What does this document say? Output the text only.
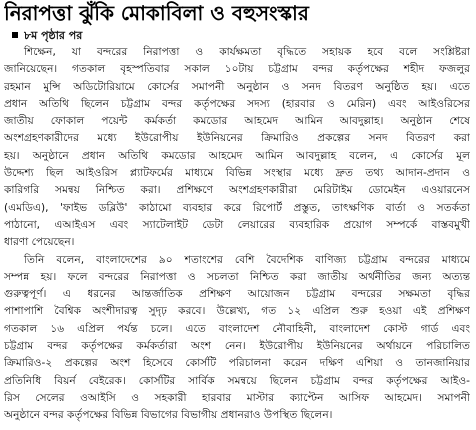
নিরাপত্তা ঝুঁকি মোকাবিলা ও বহুসংস্কার
৮ম পৃষ্ঠার পর
শিক্ষেন, যা বন্দরের নিরাপত্তা ও কার্যক্ষমতা বৃদ্ধিতে সহায়ক হবে বলে সংশ্লিষ্টরা
জানিয়েছেন। গতকাল বৃহস্পতিবার সকাল ১০টায় চট্টগ্রাম বন্দর কর্তৃপক্ষের শহীদ ফজলুর
রহমান মুন্সি অডিটোরিয়ামে কোর্সের সমাপনী অনুষ্ঠান ও সনদ বিতরণ অনুষ্ঠিত হয়। এতে
প্রধান অতিথি ছিলেন চট্টগ্রাম বন্দর কর্তৃপক্ষের সদস্য (হারবার ও মেরিন) এবং আইওরিসের
জাতীয় ফোকাল পয়েন্ট কর্মকর্তা কমডোর আহমেদ আমিন আবদুল্লাহ। অনুষ্ঠান শেষে
অংশগ্রহণকারীদের মধ্যে ইউরোপীয় ইউনিয়নের ক্রিমারিও প্রকল্পের সনদ বিতরণ করা
হয়। অনুষ্ঠানে প্রধান অতিথি কমডোর আহমেদ আমিন আবদুল্লাহ বলেন, এ কোর্সের মূল
উদ্দেশ্য ছিল আইওরিস প্ল্যাটফর্মের মাধ্যমে বিভিন্ন সংস্থার মধ্যে দ্রুত তথ্য আদান-প্রদান ও
কারিগরি সমন্বয় নিশ্চিত করা। প্রশিক্ষণে অংশগ্রহণকারীরা মেরিটাইম ডোমেইন এওয়ারনেস
(এমডিএ), 'ফাইভ ডব্লিউ' কাঠামো ব্যবহার করে রিপোর্ট প্রস্তুত, তাৎক্ষণিক বার্তা ও সতর্কতা
পাঠানো, এআইএস এবং স্যাটেলাইট ডেটা লেয়ারের ব্যবহারিক প্রয়োগ সম্পর্কে বাস্তবমুখী
ধারণা পেয়েছেন।
তিনি বলেন, বাংলাদেশের ৯০ শতাংশের বেশি বৈদেশিক বাণিজ্য চট্টগ্রাম বন্দরের মাধ্যমে
সম্পন্ন হয়। ফলে বন্দরের নিরাপত্তা ও সচলতা নিশ্চিত করা জাতীয় অর্থনীতির জন্য অত্যন্ত
গুরুত্বপূর্ণ। এ ধরনের আন্তর্জাতিক প্রশিক্ষণ আয়োজন চট্টগ্রাম বন্দরের সক্ষমতা বৃদ্ধির
পাশাপাশি বৈশ্বিক অংশীদারত্ব সুদৃঢ় করবে। উল্লেখ্য, গত ১২ এপ্রিল শুরু হওয়া এই প্রশিক্ষণ
গতকাল ১৬ এপ্রিল পর্যন্ত চলে। এতে বাংলাদেশ নৌবাহিনী, বাংলাদেশ কোস্ট গার্ড এবং
চট্টগ্রাম বন্দর কর্তৃপক্ষের কর্মকর্তারা অংশ নেন। ইউরোপীয় ইউনিয়নের অর্থায়নে পরিচালিত
ক্রিমারিও-২ প্রকল্পের অংশ হিসেবে কোর্সটি পরিচালনা করেন দক্ষিণ এশিয়া ও তানজানিয়ার
প্রতিনিধি বিয়র্ন বেইরেক। কোর্সটির সার্বিক সমন্বয়ে ছিলেন চট্টগ্রাম বন্দর কর্তৃপক্ষের আইও-
রিস সেলের ওআইসি ও সহকারী হারবার মাস্টার ক্যাপ্টেন আসিফ আহমেদ। সমাপনী
অনুষ্ঠানে বন্দর কর্তৃপক্ষের বিভিন্ন বিভাগের বিভাগীয় প্রধানরাও উপস্থিত ছিলেন।
